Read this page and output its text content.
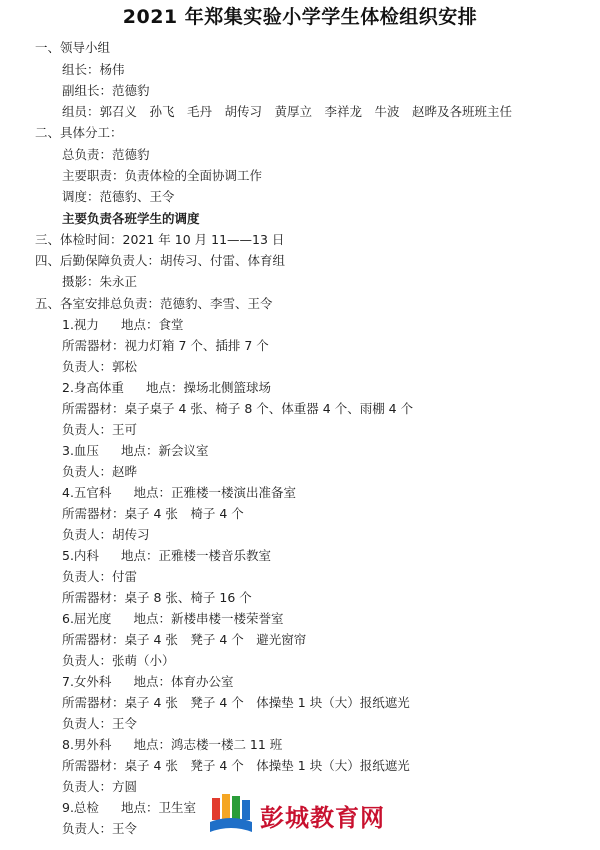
2021 年郑集实验小学学生体检组织安排
一、领导小组
组长：杨伟
副组长：范德豹
组员：郭召义　孙飞　毛丹　胡传习　黄厚立　李祥龙　牛波　赵晔及各班班主任
二、具体分工：
总负责：范德豹
主要职责：负责体检的全面协调工作
调度：范德豹、王令
主要负责各班学生的调度
三、体检时间：2021 年 10 月 11——13 日
四、后勤保障负责人：胡传习、付雷、体育组
摄影：朱永正
五、各室安排总负责：范德豹、李雪、王令
1.视力 地点：食堂
所需器材：视力灯箱 7 个、插排 7 个
负责人：郭松
2.身高体重 地点：操场北侧篮球场
所需器材：桌子桌子 4 张、椅子 8 个、体重器 4 个、雨棚 4 个
负责人：王可
3.血压 地点：新会议室
负责人：赵晔
4.五官科 地点：正雅楼一楼演出准备室
所需器材：桌子 4 张　椅子 4 个
负责人：胡传习
5.内科 地点：正雅楼一楼音乐教室
负责人：付雷
所需器材：桌子 8 张、椅子 16 个
6.屈光度 地点：新楼串楼一楼荣誉室
所需器材：桌子 4 张　凳子 4 个　避光窗帘
负责人：张萌（小）
7.女外科 地点：体育办公室
所需器材：桌子 4 张　凳子 4 个　体操垫 1 块（大）报纸遮光
负责人：王令
8.男外科 地点：鸿志楼一楼二 11 班
所需器材：桌子 4 张　凳子 4 个　体操垫 1 块（大）报纸遮光
负责人：方圆
9.总检 地点：卫生室
负责人：王令	彭城教育网
